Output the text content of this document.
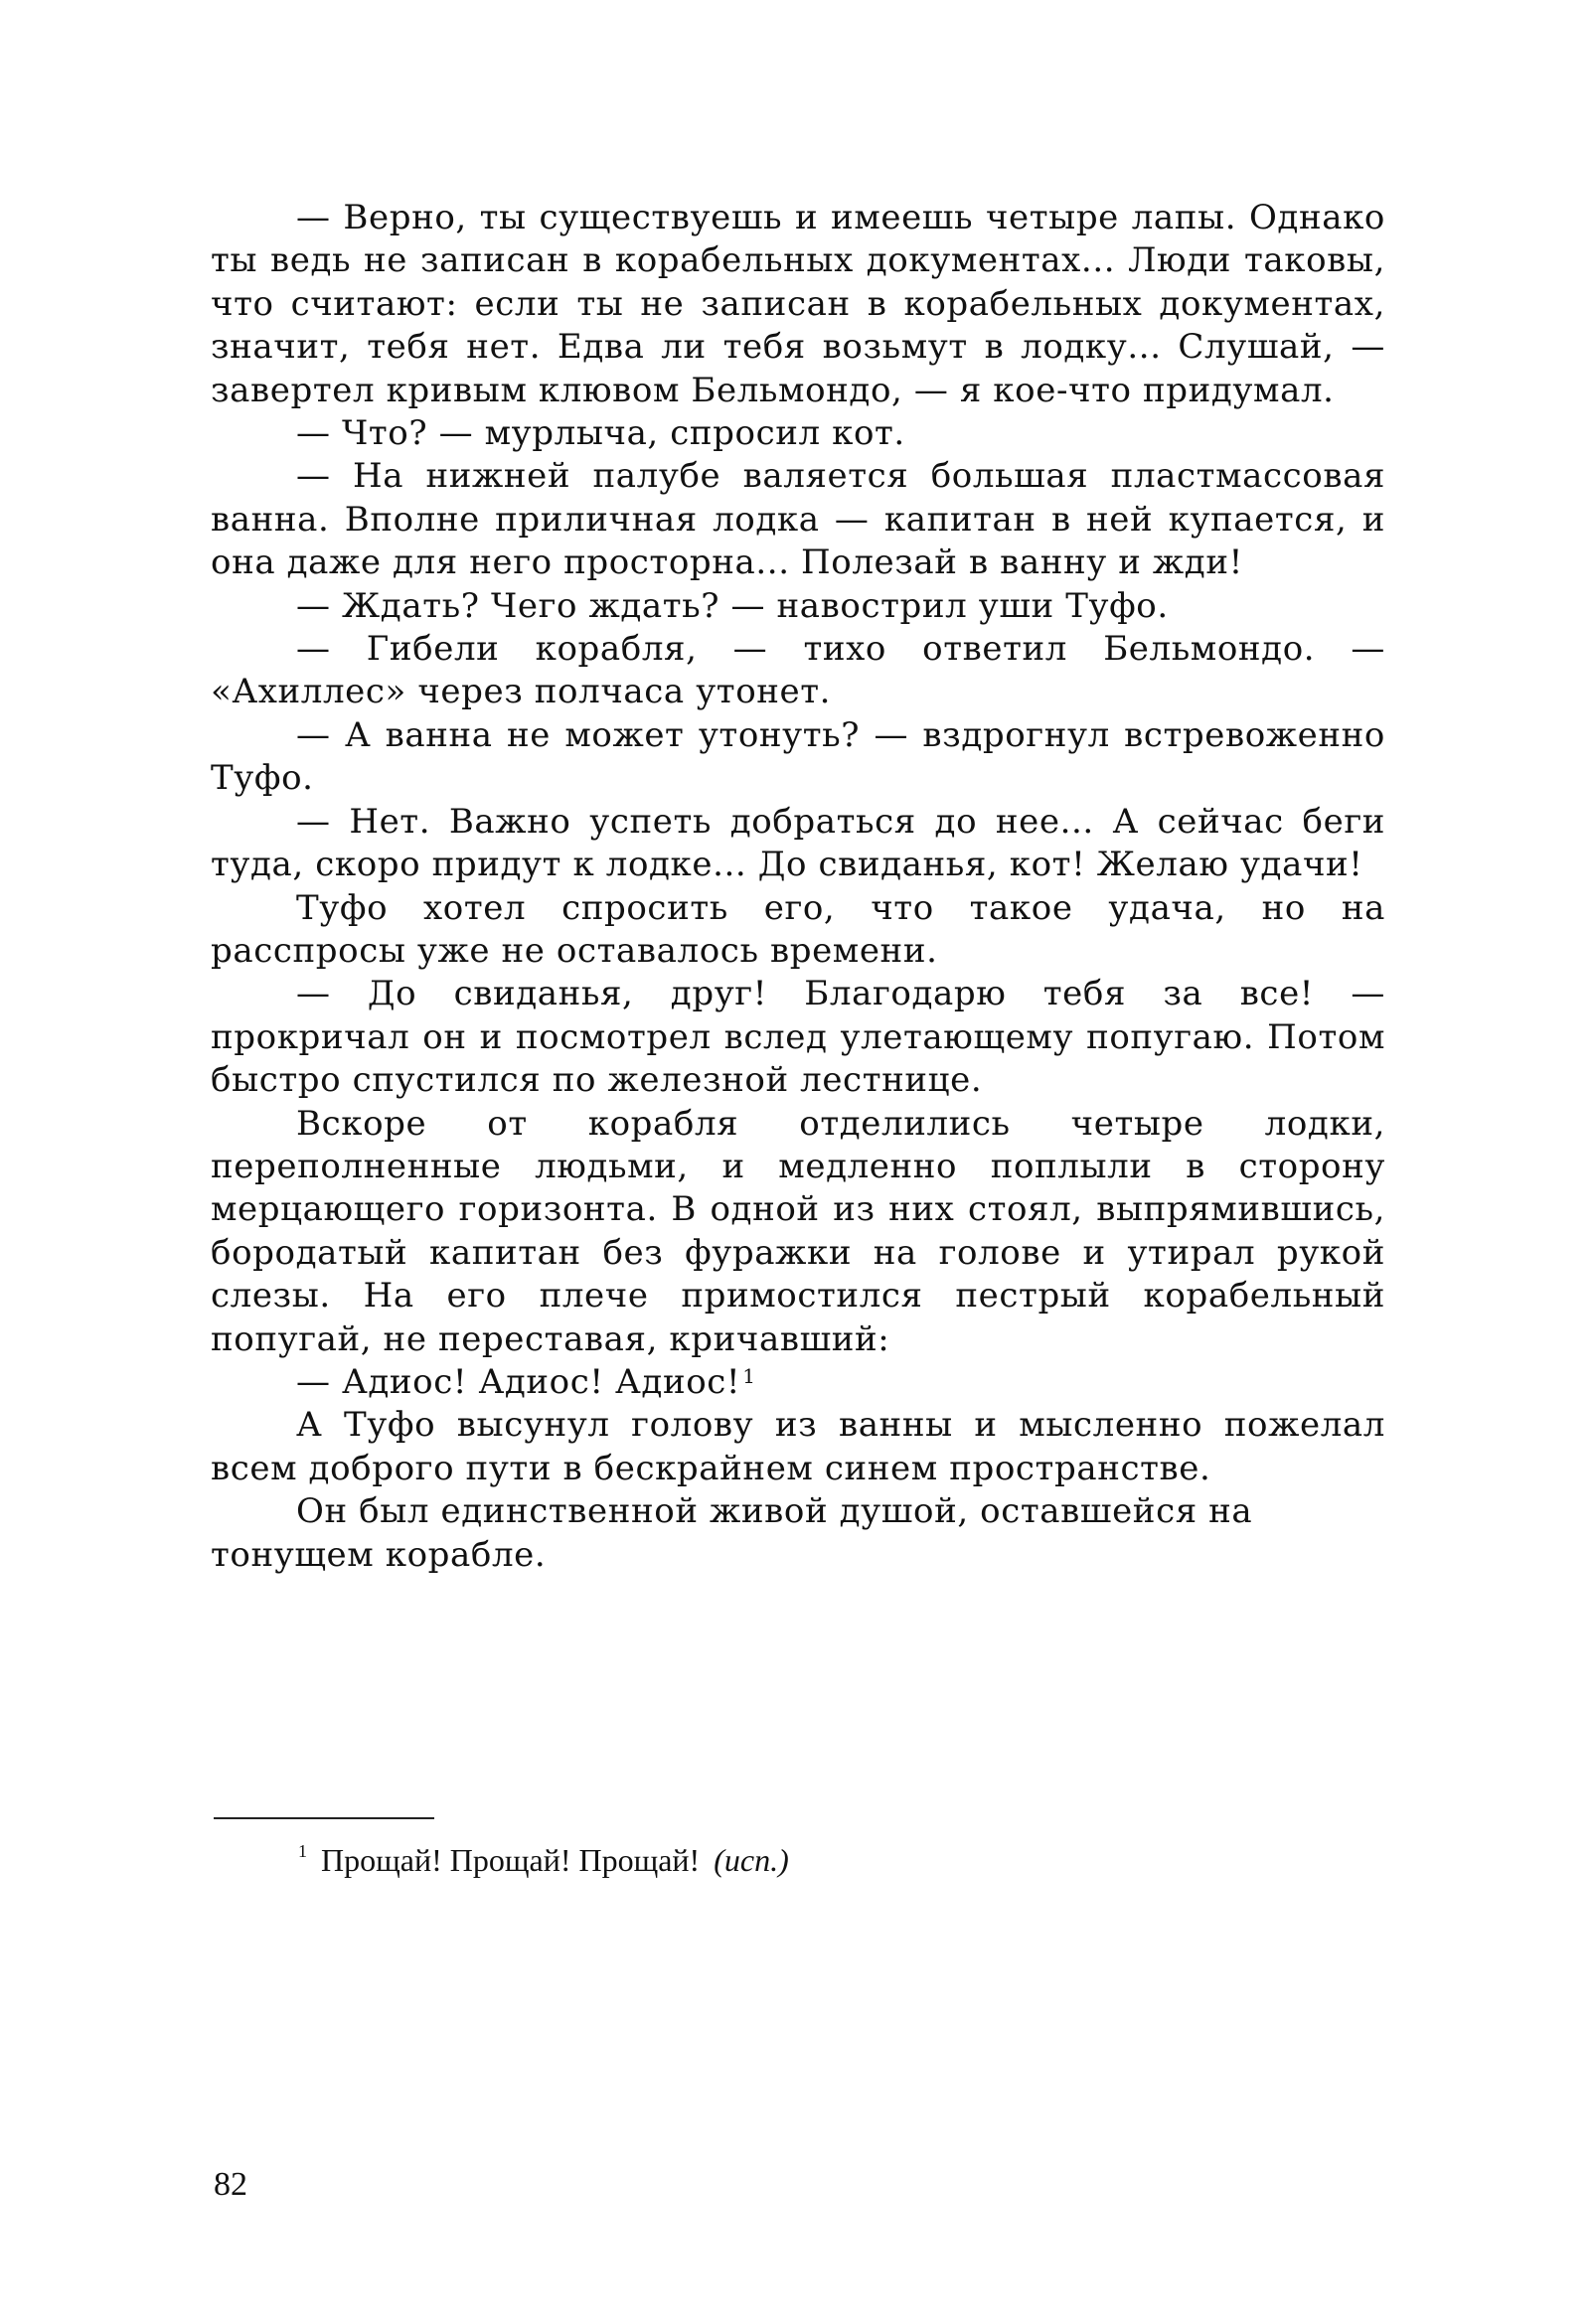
— Верно, ты существуешь и имеешь четыре лапы. Однако ты ведь не записан в корабельных документах... Люди таковы, что считают: если ты не записан в корабельных документах, значит, тебя нет. Едва ли тебя возьмут в лодку... Слушай, — завертел кривым клювом Бельмондо, — я кое-что придумал.

— Что? — мурлыча, спросил кот.

— На нижней палубе валяется большая пластмассовая ванна. Вполне приличная лодка — капитан в ней купается, и она даже для него просторна... Полезай в ванну и жди!

— Ждать? Чего ждать? — навострил уши Туфо.

— Гибели корабля, — тихо ответил Бельмондо. — «Ахиллес» через полчаса утонет.

— А ванна не может утонуть? — вздрогнул встревоженно Туфо.

— Нет. Важно успеть добраться до нее... А сейчас беги туда, скоро придут к лодке... До свиданья, кот! Желаю удачи!

Туфо хотел спросить его, что такое удача, но на расспросы уже не оставалось времени.

— До свиданья, друг! Благодарю тебя за все! — прокричал он и посмотрел вслед улетающему попугаю. Потом быстро спустился по железной лестнице.

Вскоре от корабля отделились четыре лодки, переполненные людьми, и медленно поплыли в сторону мерцающего горизонта. В одной из них стоял, выпрямившись, бородатый капитан без фуражки на голове и утирал рукой слезы. На его плече примостился пестрый корабельный попугай, не переставая, кричавший:

— Адиос! Адиос! Адиос! $^1$

А Туфо высунул голову из ванны и мысленно пожелал всем доброго пути в бескрайнем синем пространстве.

Он был единственной живой душой, оставшейся на тонущем корабле.

$^1$ Прощай! Прощай! Прощай! (исп.)
82
